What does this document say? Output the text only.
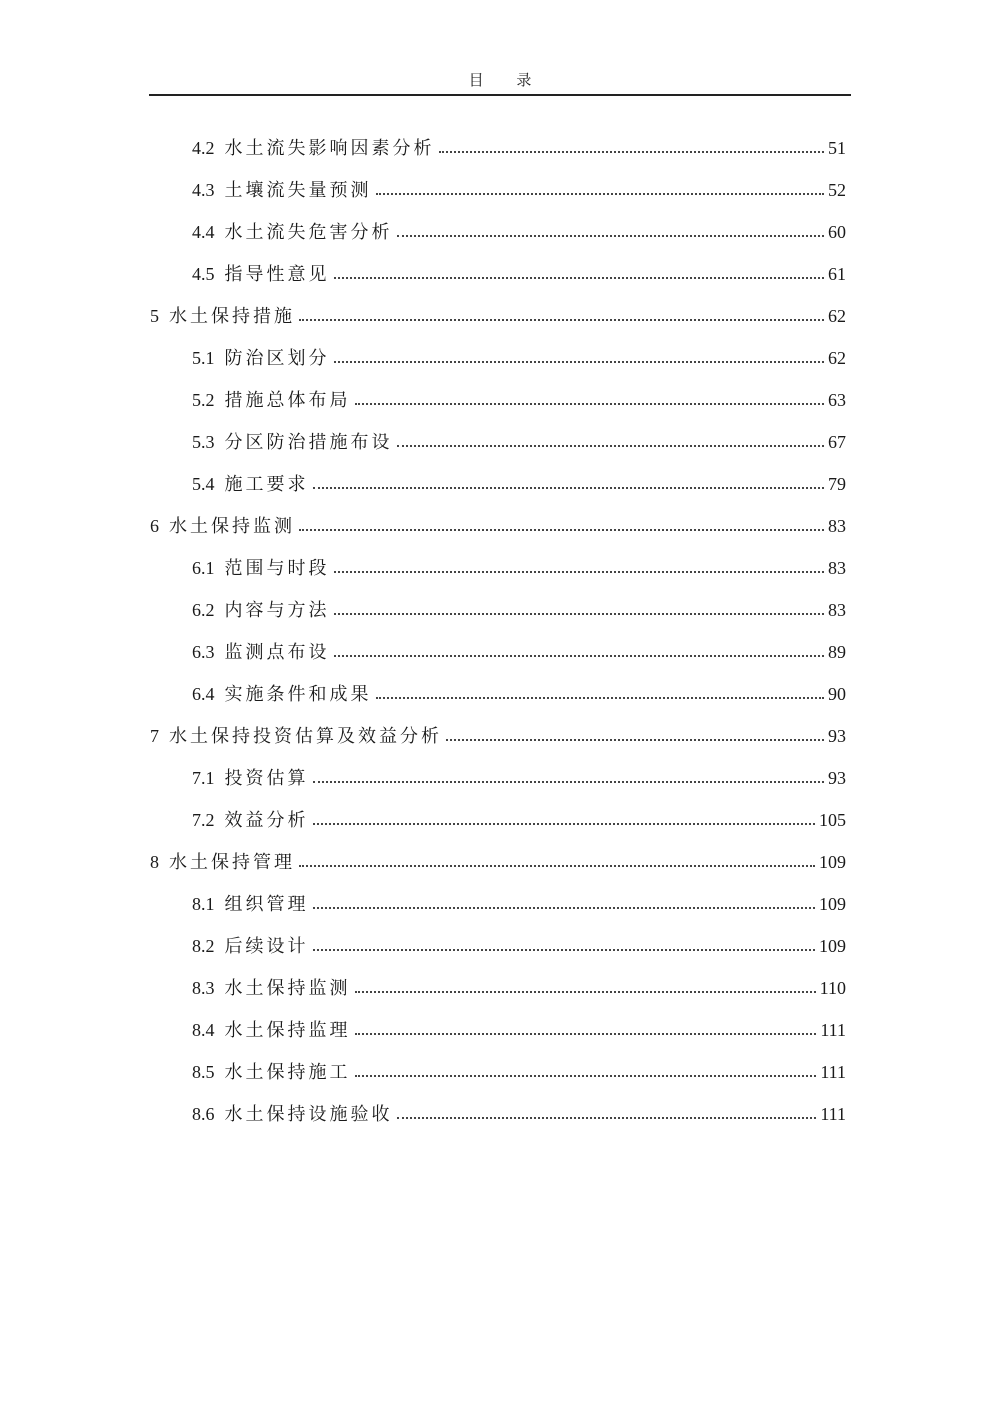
目 录
4.2 水土流失影响因素分析	51
4.3 土壤流失量预测	52
4.4 水土流失危害分析	60
4.5 指导性意见	61
5 水土保持措施	62
5.1 防治区划分	62
5.2 措施总体布局	63
5.3 分区防治措施布设	67
5.4 施工要求	79
6 水土保持监测	83
6.1 范围与时段	83
6.2 内容与方法	83
6.3 监测点布设	89
6.4 实施条件和成果	90
7 水土保持投资估算及效益分析	93
7.1 投资估算	93
7.2 效益分析	105
8 水土保持管理	109
8.1 组织管理	109
8.2 后续设计	109
8.3 水土保持监测	110
8.4 水土保持监理	111
8.5 水土保持施工	111
8.6 水土保持设施验收	111
